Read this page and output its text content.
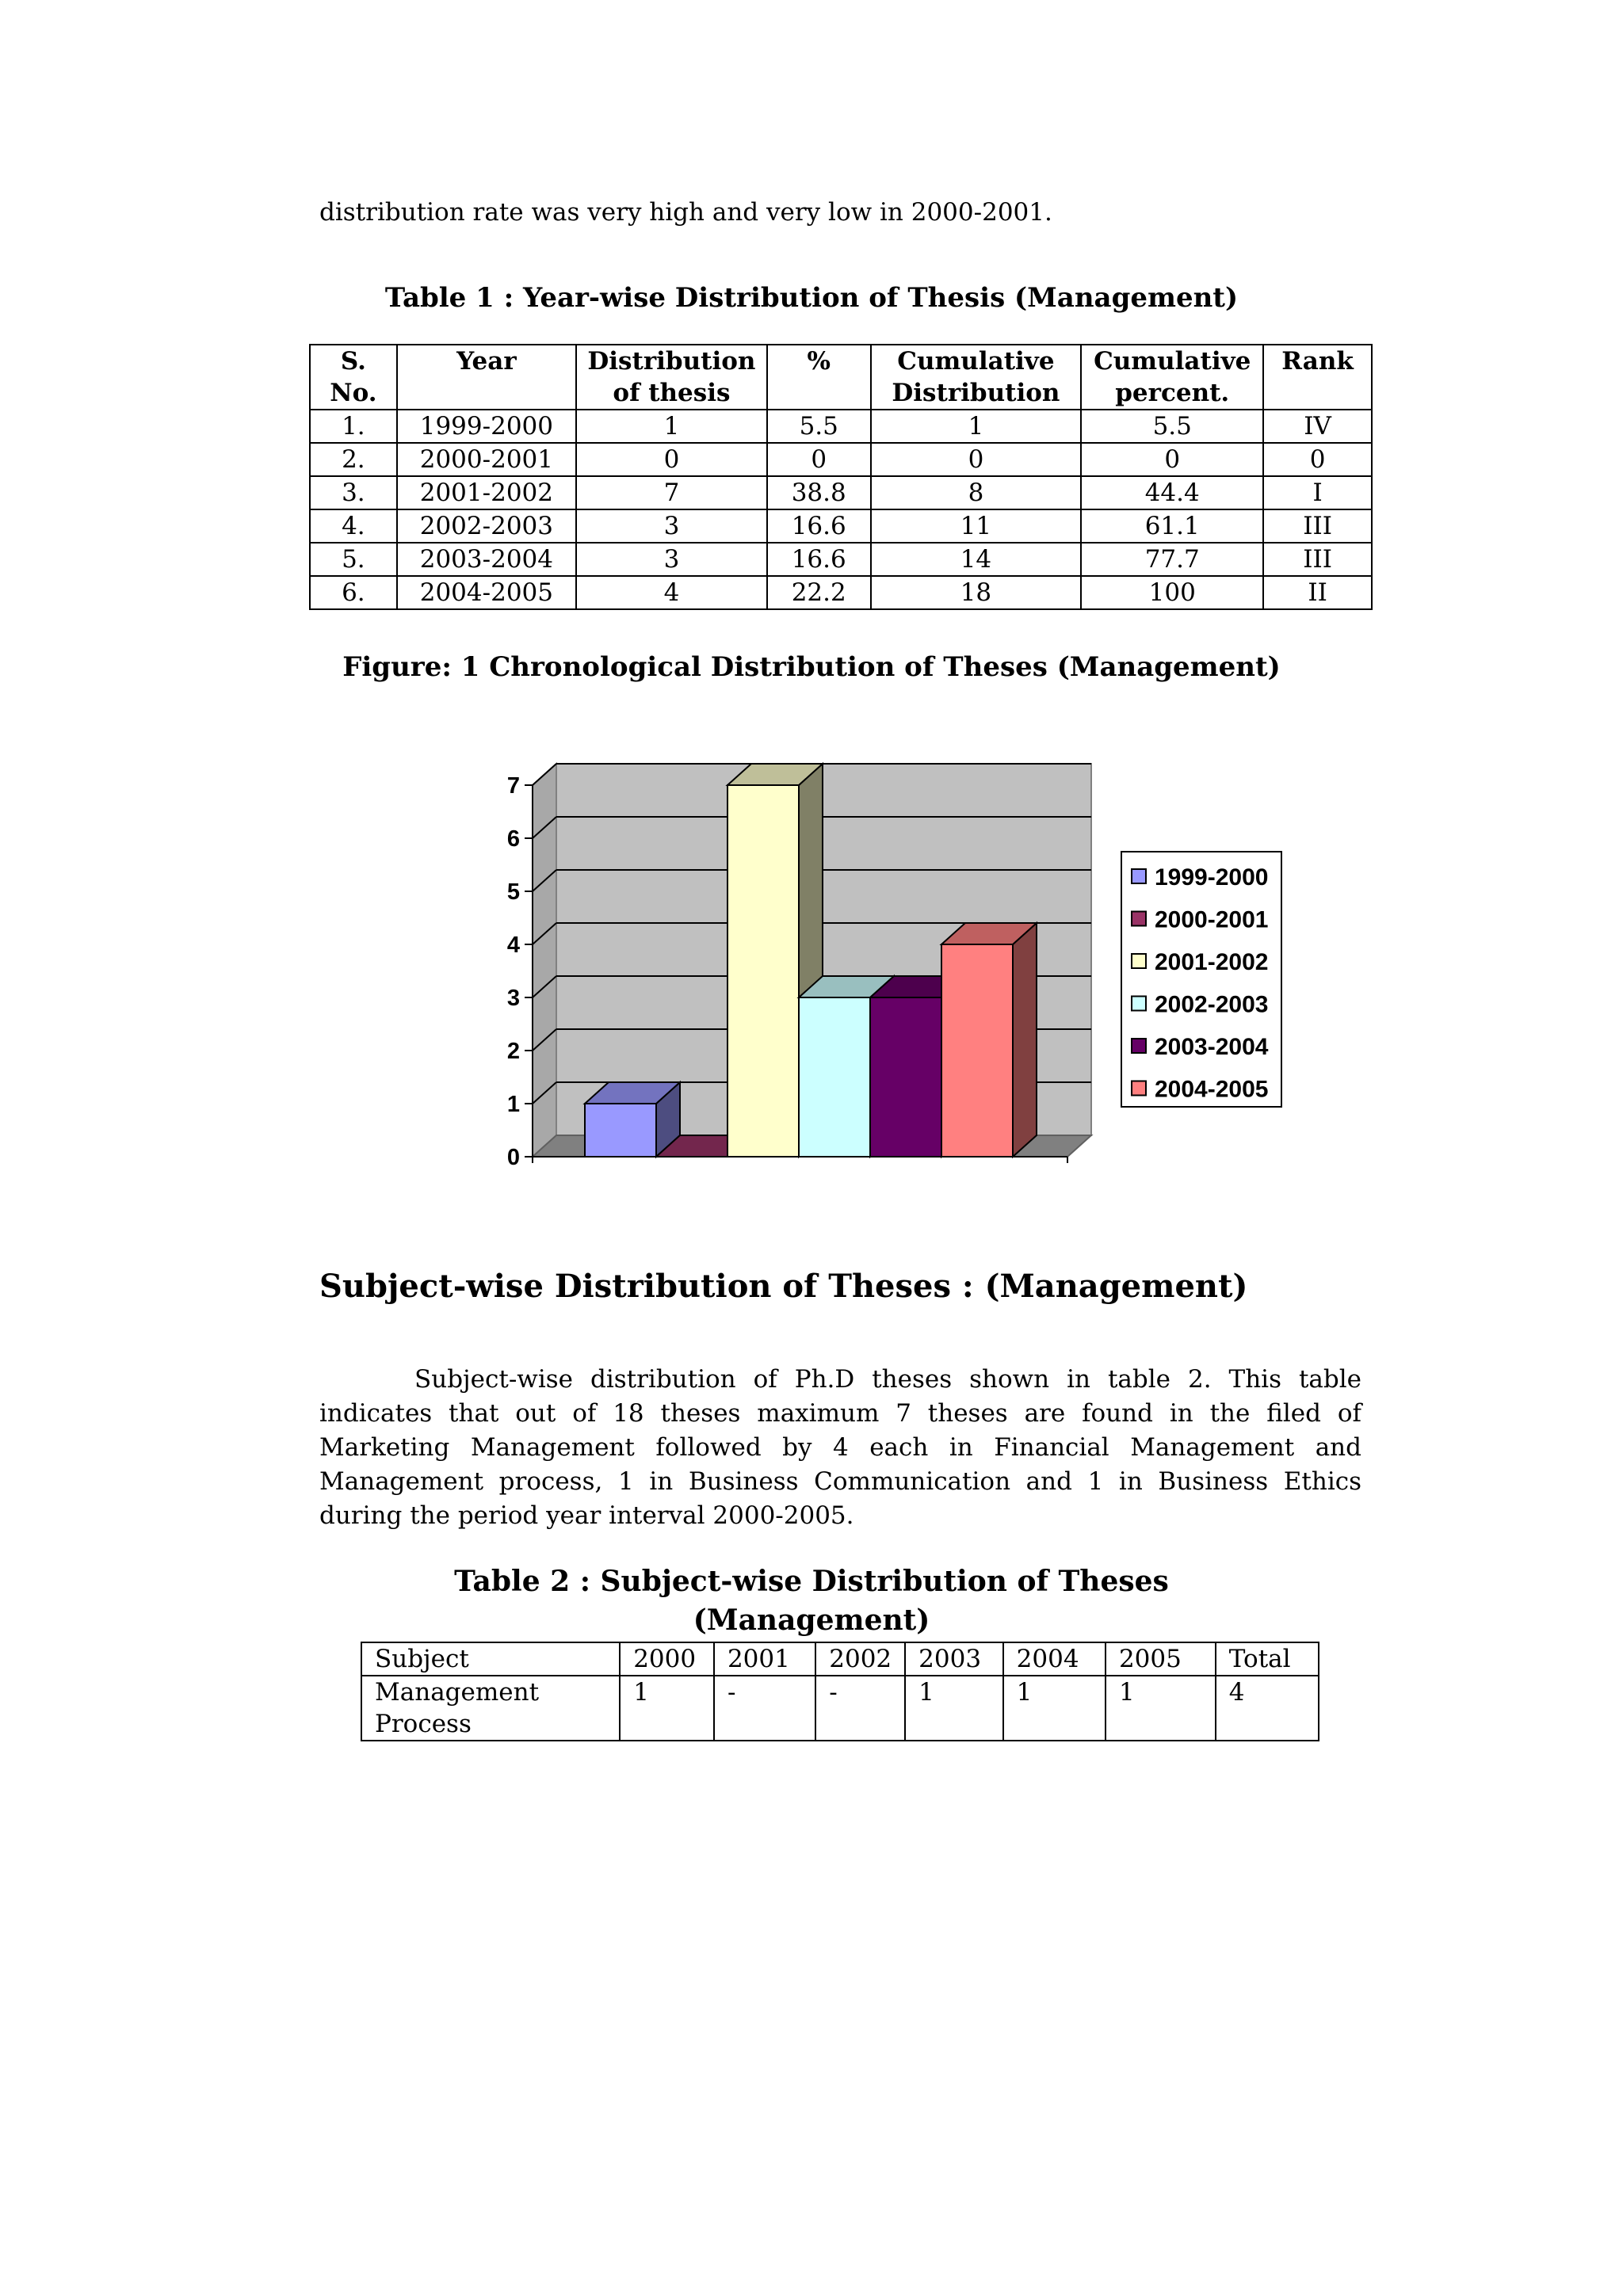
distribution rate was very high and very low in 2000-2001.
Table 1 : Year-wise Distribution of Thesis (Management)
S. No.	Year	Distribution of thesis	%	Cumulative Distribution	Cumulative percent.	Rank
1.	1999-2000	1	5.5	1	5.5	IV
2.	2000-2001	0	0	0	0	0
3.	2001-2002	7	38.8	8	44.4	I
4.	2002-2003	3	16.6	11	61.1	III
5.	2003-2004	3	16.6	14	77.7	III
6.	2004-2005	4	22.2	18	100	II
Figure: 1 Chronological Distribution of Theses (Management)
0
1
2
3
4
5
6
7
1999-2000
2000-2001
2001-2002
2002-2003
2003-2004
2004-2005
Subject-wise Distribution of Theses : (Management)
Subject-wise distribution of Ph.D theses shown in table 2. This table indicates that out of 18 theses maximum 7 theses are found in the filed of Marketing Management followed by 4 each in Financial Management and Management process, 1 in Business Communication and 1 in Business Ethics during the period year interval 2000-2005.
Table 2 : Subject-wise Distribution of Theses
(Management)
Subject	2000	2001	2002	2003	2004	2005	Total
Management Process	1	-	-	1	1	1	4
